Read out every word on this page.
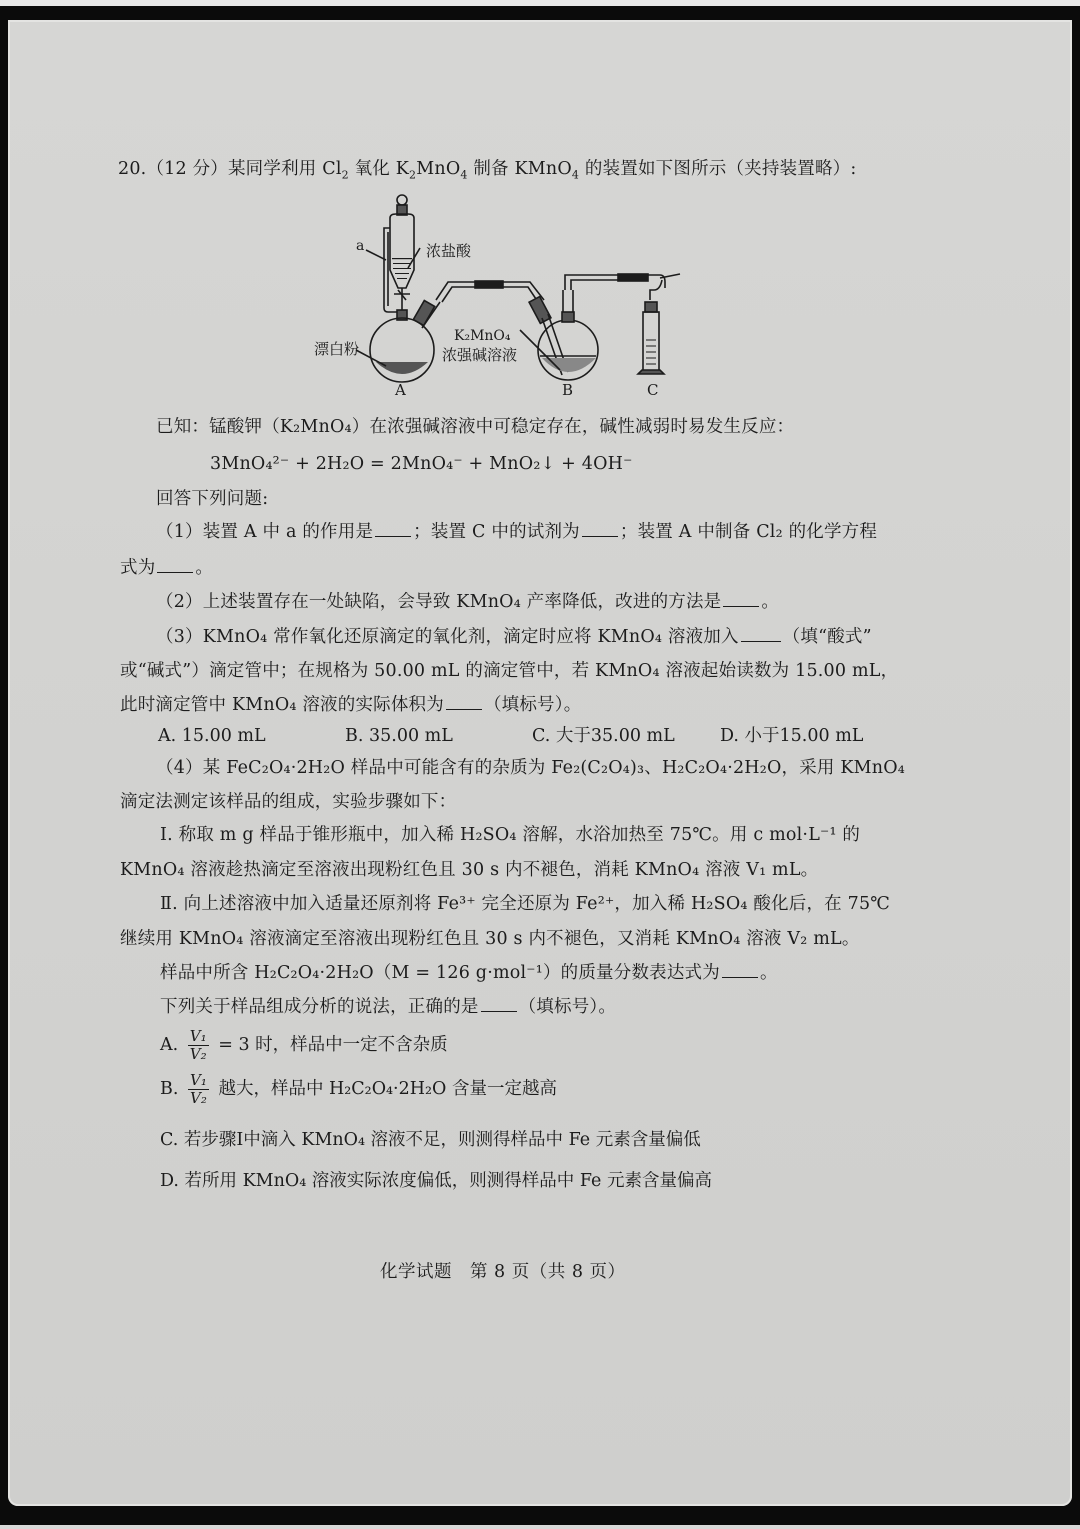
20.（12 分）某同学利用 $Cl_2$ 氧化 $K_2MnO_4$ 制备 KMnO$_4$ 的装置如下图所示（夹持装置略）:
a	浓盐酸
漂白粉
K₂MnO₄
浓强碱溶液
A	B	C
已知：锰酸钾（K₂MnO₄）在浓强碱溶液中可稳定存在，碱性减弱时易发生反应：
3MnO₄²⁻ + 2H₂O = 2MnO₄⁻ + MnO₂↓ + 4OH⁻
回答下列问题:
（1）装置 A 中 a 的作用是 ；装置 C 中的试剂为 ；装置 A 中制备 Cl₂ 的化学方程
式为 。
（2）上述装置存在一处缺陷，会导致 KMnO₄ 产率降低，改进的方法是 。
（3）KMnO₄ 常作氧化还原滴定的氧化剂，滴定时应将 KMnO₄ 溶液加入	（填“酸式”
或“碱式”）滴定管中；在规格为 50.00 mL 的滴定管中，若 KMnO₄ 溶液起始读数为 15.00 mL，
此时滴定管中 KMnO₄ 溶液的实际体积为 （填标号）。
A. 15.00 mL	B. 35.00 mL	C. 大于35.00 mL	D. 小于15.00 mL
（4）某 FeC₂O₄·2H₂O 样品中可能含有的杂质为 Fe₂(C₂O₄)₃、H₂C₂O₄·2H₂O，采用 KMnO₄
滴定法测定该样品的组成，实验步骤如下：
Ⅰ. 称取 m g 样品于锥形瓶中，加入稀 H₂SO₄ 溶解，水浴加热至 75℃。用 c mol·L⁻¹ 的
KMnO₄ 溶液趁热滴定至溶液出现粉红色且 30 s 内不褪色，消耗 KMnO₄ 溶液 V₁ mL。
Ⅱ. 向上述溶液中加入适量还原剂将 Fe³⁺ 完全还原为 Fe²⁺，加入稀 H₂SO₄ 酸化后，在 75℃
继续用 KMnO₄ 溶液滴定至溶液出现粉红色且 30 s 内不褪色，又消耗 KMnO₄ 溶液 V₂ mL。
样品中所含 H₂C₂O₄·2H₂O（M = 126 g·mol⁻¹）的质量分数表达式为 。
下列关于样品组成分析的说法，正确的是 （填标号）。
A. $\frac{\text{V₁}}{\text{V₂}} = 3$ 时，样品中一定不含杂质
B. $\frac{\text{V₁}}{\text{V₂}}$ 越大，样品中 H₂C₂O₄·2H₂O 含量一定越高
C. 若步骤Ⅰ中滴入 KMnO₄ 溶液不足，则测得样品中 Fe 元素含量偏低
D. 若所用 KMnO₄ 溶液实际浓度偏低，则测得样品中 Fe 元素含量偏高
化学试题　第 8 页（共 8 页）
